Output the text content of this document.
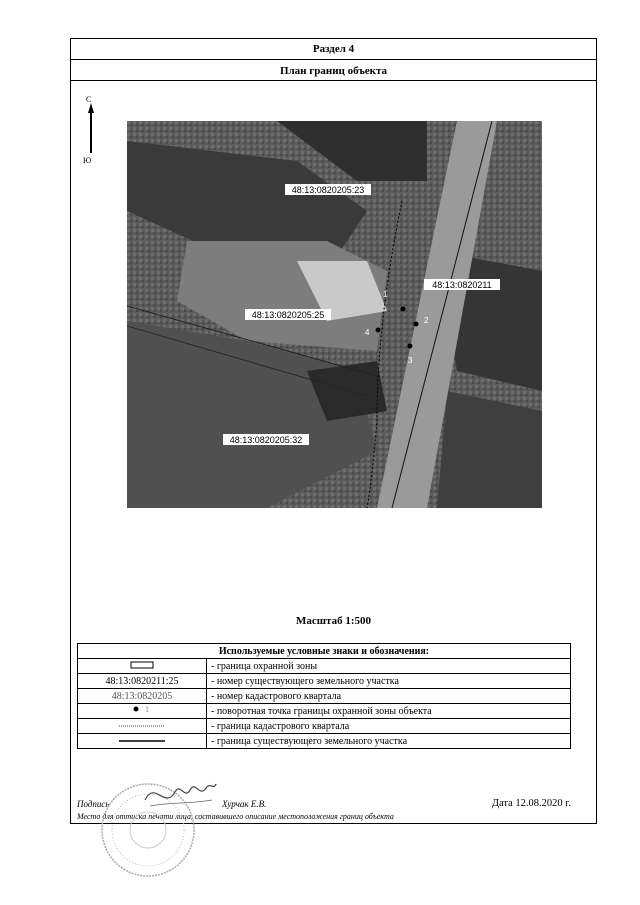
Раздел 4
План границ объекта
С
Ю
48:13:0820205:23
48:13:0820211
48:13:0820205:25
48:13:0820205:32
1
2
3
4
Масштаб 1:500
Используемые условные знаки и обозначения:	
	- граница охранной зоны
48:13:0820211:25	- номер существующего земельного участка
48:13:0820205	- номер кадастрового квартала

1	- поворотная точка границы охранной зоны объекта
	- граница кадастрового квартала
	- граница существующего земельного участка
Подпись	Хурчак Е.В.	Дата 12.08.2020 г.
Место для оттиска печати лица, составившего описание местоположения границ объекта
